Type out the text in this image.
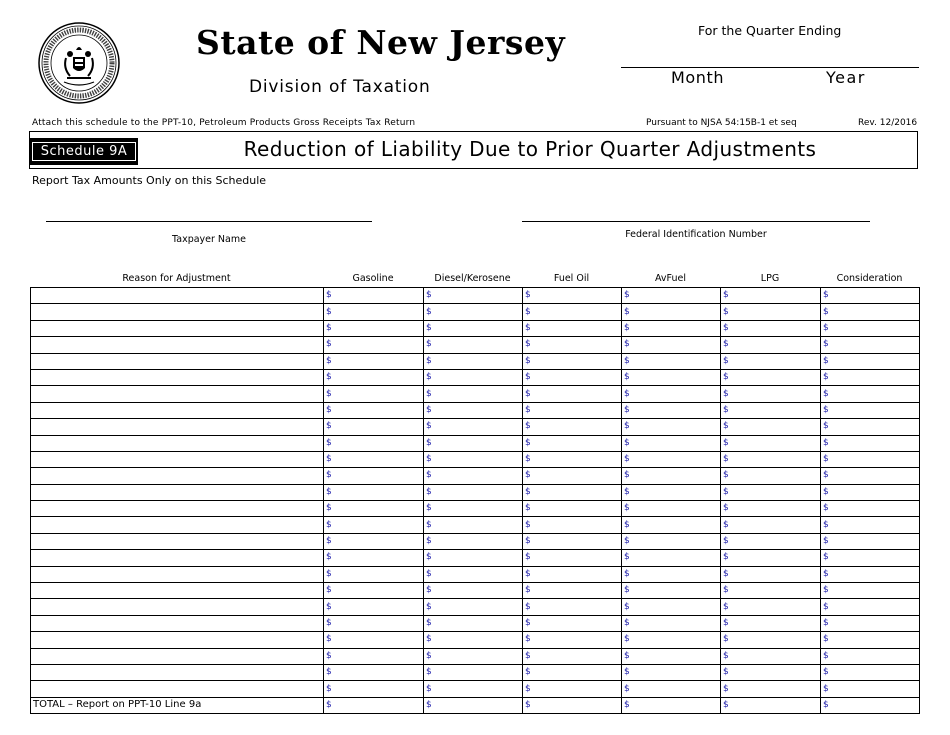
State of New Jersey
Division of Taxation
For the Quarter Ending
Month	Year
Attach this schedule to the PPT-10, Petroleum Products Gross Receipts Tax Return	Pursuant to NJSA 54:15B-1 et seq	Rev. 12/2016
Schedule 9A	Reduction of Liability Due to Prior Quarter Adjustments
Report Tax Amounts Only on this Schedule
Taxpayer Name	Federal Identification Number
Reason for Adjustment	Gasoline	Diesel/Kerosene	Fuel Oil	AvFuel	LPG	Consideration
	$	$	$	$	$	$
	$	$	$	$	$	$
	$	$	$	$	$	$
	$	$	$	$	$	$
	$	$	$	$	$	$
	$	$	$	$	$	$
	$	$	$	$	$	$
	$	$	$	$	$	$
	$	$	$	$	$	$
	$	$	$	$	$	$
	$	$	$	$	$	$
	$	$	$	$	$	$
	$	$	$	$	$	$
	$	$	$	$	$	$
	$	$	$	$	$	$
	$	$	$	$	$	$
	$	$	$	$	$	$
	$	$	$	$	$	$
	$	$	$	$	$	$
	$	$	$	$	$	$
	$	$	$	$	$	$
	$	$	$	$	$	$
	$	$	$	$	$	$
	$	$	$	$	$	$
	$	$	$	$	$	$
TOTAL – Report on PPT-10 Line 9a	$	$	$	$	$	$
